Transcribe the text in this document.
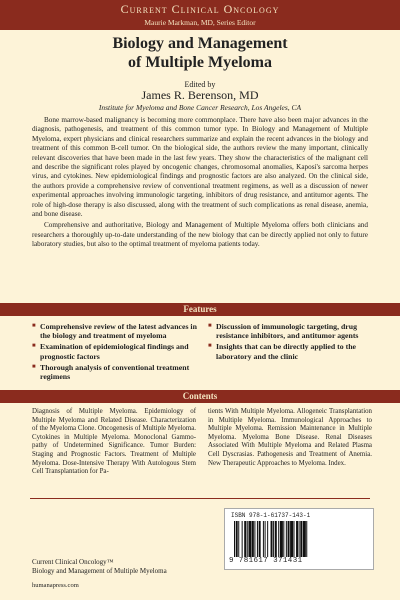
Current Clinical Oncology
Maurie Markman, MD, Series Editor
Biology and Management
of Multiple Myeloma
Edited by
James R. Berenson, MD
Institute for Myeloma and Bone Cancer Research, Los Angeles, CA

Bone marrow-based malignancy is becoming more commonplace. There have also been major advances in the diagnosis, pathogenesis, and treatment of this common tumor type. In Biology and Management of Multiple Myeloma, expert physicians and clinical researchers summarize and explain the recent advances in the biology and treatment of this common B-cell tumor. On the biological side, the authors review the many important, clinically relevant discoveries that have been made in the last few years. They show the characteristics of the malignant cell and describe the significant roles played by oncogenic changes, chromosomal anomalies, Kaposi's sarcoma herpes virus, and cytokines. New epidemiological findings and prognostic factors are also analyzed. On the clinical side, the authors provide a comprehensive review of conventional treatment regimens, as well as a discussion of newer experimental approaches involving immunologic targeting, inhibitors of drug resistance, and antitumor agents. The role of high-dose therapy is also discussed, along with the treatment of such complications as renal disease, anemia, and bone disease.

Comprehensive and authoritative, Biology and Management of Multiple Myeloma offers both clinicians and researchers a thoroughly up-to-date understanding of the new biology that can be directly applied not only to future laboratory studies, but also to the optimal treatment of myeloma patients today.

Features
■ Comprehensive review of the latest advances in the biology and treatment of myeloma
■ Examination of epidemiological findings and prognostic factors
■ Thorough analysis of conventional treatment regimens
■ Discussion of immunologic targeting, drug resistance inhibitors, and antitumor agents
■ Insights that can be directly applied to the laboratory and the clinic
Contents
Diagnosis of Multiple Myeloma. Epidemiology of Multiple Myeloma and Related Disease. Characterization of the Myeloma Clone. Oncogenesis of Multiple Myeloma. Cytokines in Multiple Myeloma. Monoclonal Gammo-pathy of Undetermined Significance. Tumor Burden: Staging and Prognostic Factors. Treatment of Multiple Myeloma. Dose-Intensive Therapy With Autologous Stem Cell Transplantation for Pa-
tients With Multiple Myeloma. Allogeneic Transplantation in Multiple Myeloma. Immunological Approaches to Multiple Myeloma. Remission Maintenance in Multiple Myeloma. Myeloma Bone Disease. Renal Diseases Associated With Multiple Myeloma and Related Plasma Cell Dyscrasias. Pathogenesis and Treatment of Anemia. New Therapeutic Approaches to Myeloma. Index.
ISBN 978-1-61737-143-1
9 781617 371431
Current Clinical Oncology™
Biology and Management of Multiple Myeloma
humanapress.com
